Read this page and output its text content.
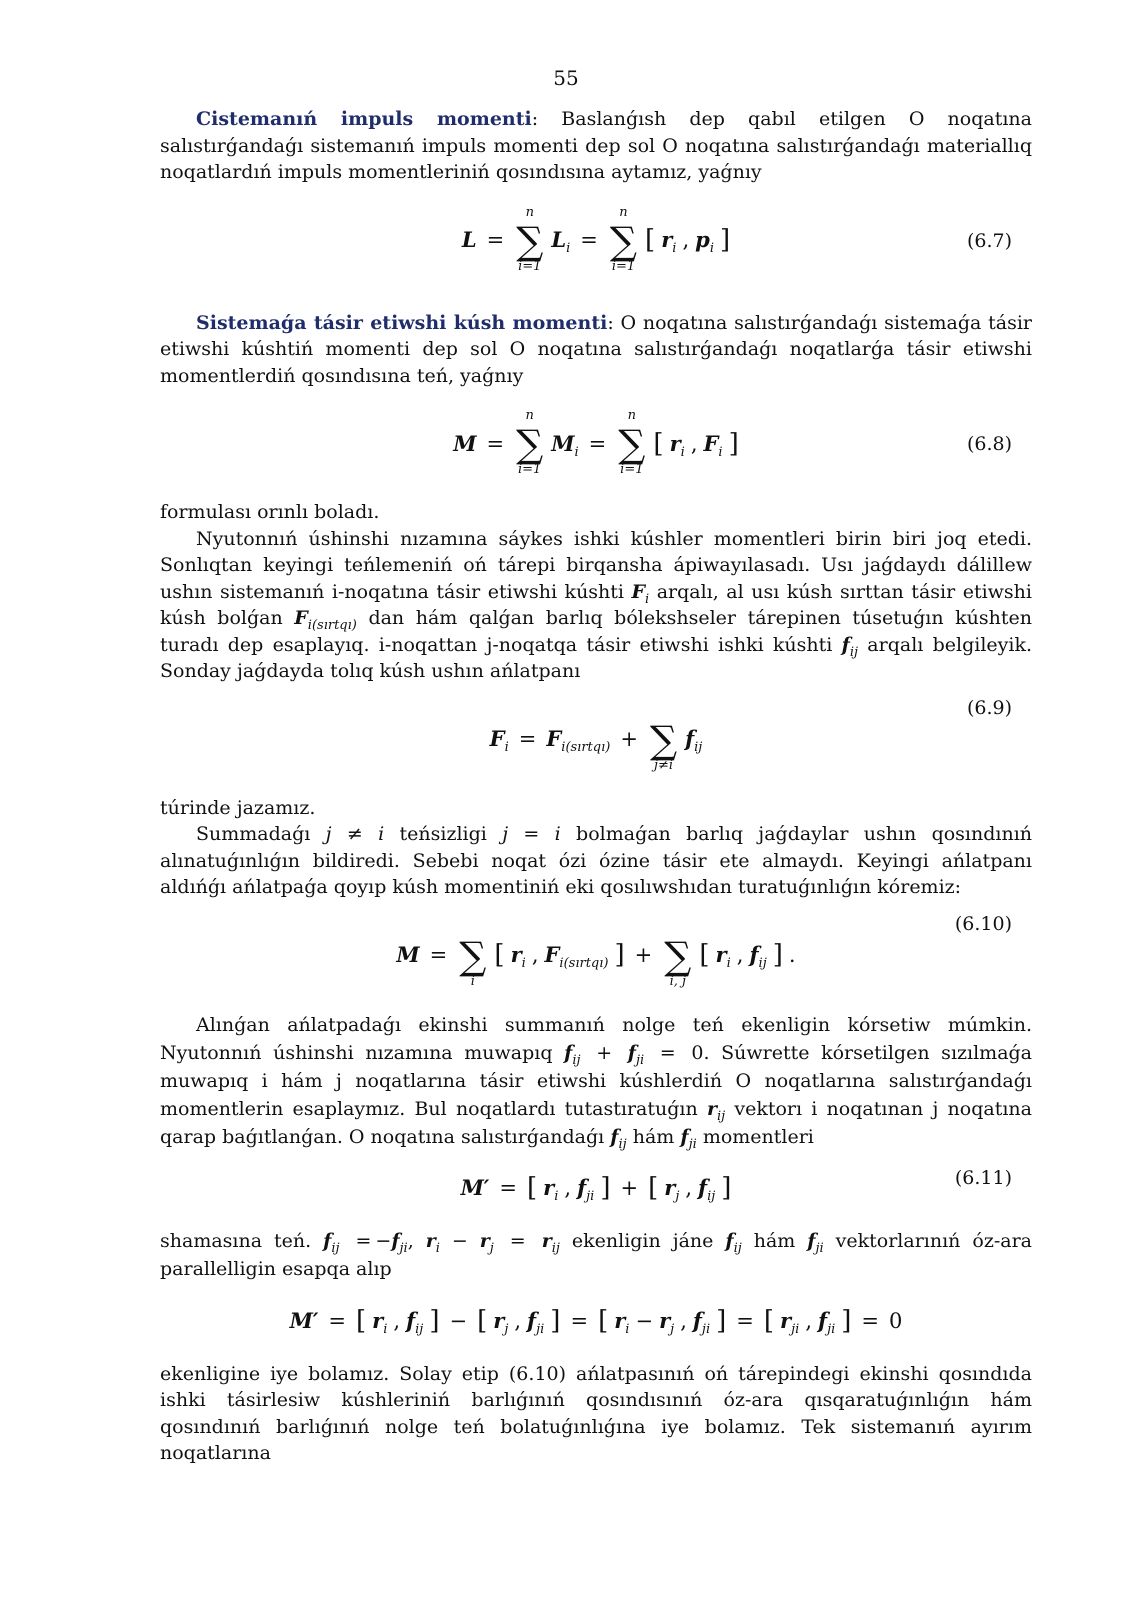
55

Cistemanıń impuls momenti: Baslanǵısh dep qabıl etilgen O noqatına salıstırǵandaǵı sistemanıń impuls momenti dep sol O noqatına salıstırǵandaǵı materiallıq noqatlardıń impuls momentleriniń qosındısına aytamız, yaǵnıy

L =
n
∑
i=1
$L_i$ =
n
∑
i=1
[ $r_i$ , $p_i$ ]	(6.7)

Sistemaǵa tásir etiwshi kúsh momenti: O noqatına salıstırǵandaǵı sistemaǵa tásir etiwshi kúshtiń momenti dep sol O noqatına salıstırǵandaǵı noqatlarǵa tásir etiwshi momentlerdiń qosındısına teń, yaǵnıy

M =
n
∑
i=1
$M_i$ =
n
∑
i=1
[ $r_i$ , $F_i$ ]	(6.8)

formulası orınlı boladı.

Nyutonnıń úshinshi nızamına sáykes ishki kúshler momentleri birin biri joq etedi. Sonlıqtan keyingi teńlemeniń oń tárepi birqansha ápiwayılasadı. Usı jaǵdaydı dálillew ushın sistemanıń i-noqatına tásir etiwshi kúshti $F_i$ arqalı, al usı kúsh sırttan tásir etiwshi kúsh bolǵan $F_{i(sırtqı)}$ dan hám qalǵan barlıq bólekshseler tárepinen túsetuǵın kúshten turadı dep esaplayıq. i-noqattan j-noqatqa tásir etiwshi ishki kúshti $f_{ij}$ arqalı belgileyik. Sonday jaǵdayda tolıq kúsh ushın ańlatpanı

$F_i = F_{i(sırtqı)}$ + ∑
j≠i
$f_{ij}$
(6.9)

túrinde jazamız.

Summadaǵı j ≠ i teńsizligi j = i bolmaǵan barlıq jaǵdaylar ushın qosındınıń alınatuǵınlıǵın bildiredi. Sebebi noqat ózi ózine tásir ete almaydı. Keyingi ańlatpanı aldıńǵı ańlatpaǵa qoyıp kúsh momentiniń eki qosılıwshıdan turatuǵınlıǵın kóremiz:

M = ∑
i
[ $r_i$ , $F_{i(sırtqı)}$ ] + ∑
i, j
[ $r_i$ , $f_{ij}$ ] .
(6.10)

Alınǵan ańlatpadaǵı ekinshi summanıń nolge teń ekenligin kórsetiw múmkin. Nyutonnıń úshinshi nızamına muwapıq $f_{ij} + f_{ji} = 0$. Súwrette kórsetilgen sızılmaǵa muwapıq i hám j noqatlarına tásir etiwshi kúshlerdiń O noqatlarına salıstırǵandaǵı momentlerin esaplaymız. Bul noqatlardı tutastıratuǵın $r_{ij}$ vektorı i noqatınan j noqatına qarap baǵıtlanǵan. O noqatına salıstırǵandaǵı $f_{ij}$ hám $f_{ji}$ momentleri

M′ = [ $r_i$ , $f_{ji}$ ] + [ $r_j$ , $f_{ij}$ ]	(6.11)

shamasına teń. $f_{ij} = -f_{ji}$, $r_i - r_j = r_{ij}$ ekenligin jáne $f_{ij}$ hám $f_{ji}$ vektorlarınıń óz-ara parallelligin esapqa alıp

M′ = [ $r_i$ , $f_{ij}$ ] − [ $r_j$ , $f_{ji}$ ] = [ $r_i - r_j$ , $f_{ji}$ ] = [ $r_{ji}$ , $f_{ji}$ ] = 0

ekenligine iye bolamız. Solay etip (6.10) ańlatpasınıń oń tárepindegi ekinshi qosındıda ishki tásirlesiw kúshleriniń barlıǵınıń qosındısınıń óz-ara qısqaratuǵınlıǵın hám qosındınıń barlıǵınıń nolge teń bolatuǵınlıǵına iye bolamız. Tek sistemanıń ayırım noqatlarına
